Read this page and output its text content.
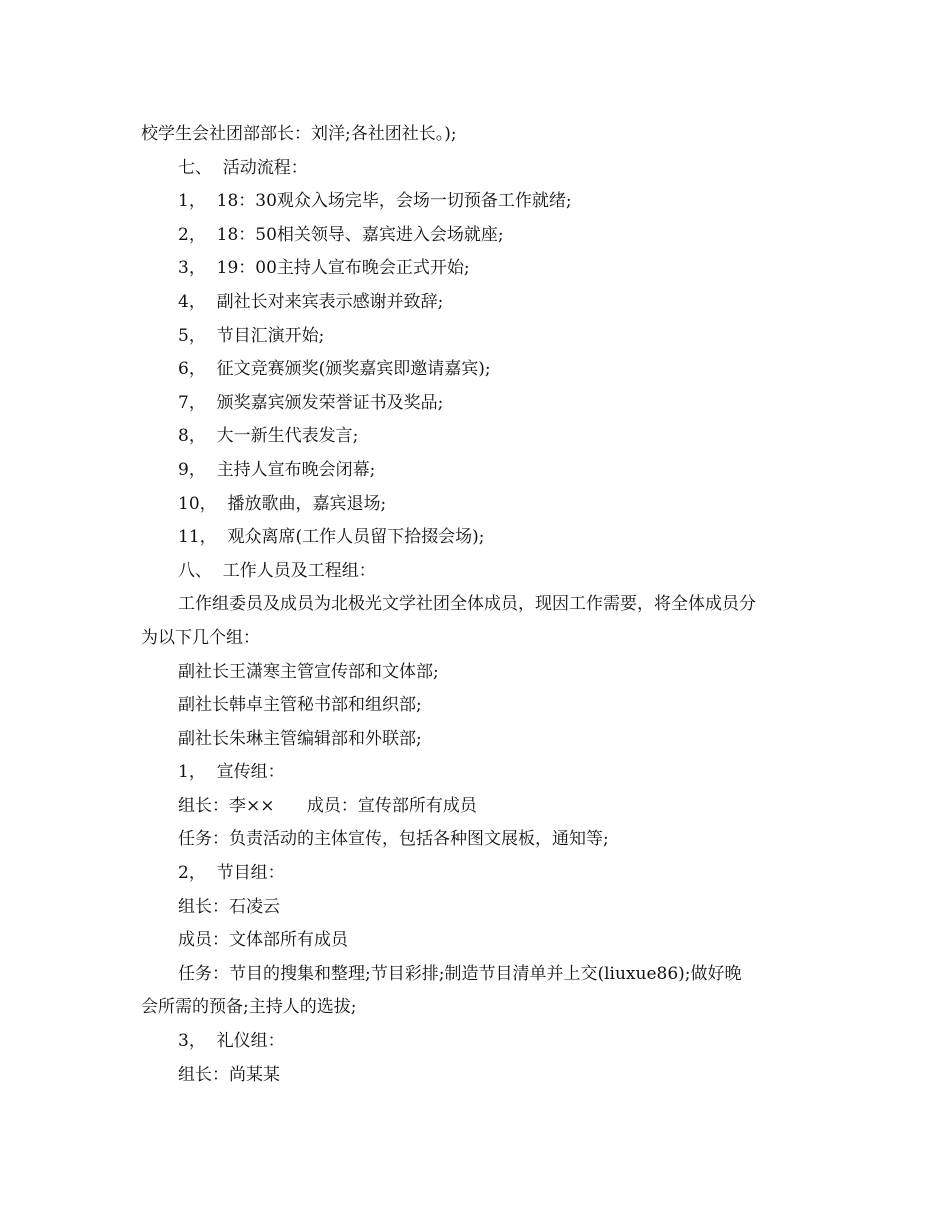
校学生会社团部部长：刘洋;各社团社长。);

七、  活动流程：

1，  18：30观众入场完毕，会场一切预备工作就绪;

2，  18：50相关领导、嘉宾进入会场就座;

3，  19：00主持人宣布晚会正式开始;

4，  副社长对来宾表示感谢并致辞;

5，  节目汇演开始;

6，  征文竞赛颁奖(颁奖嘉宾即邀请嘉宾);

7，  颁奖嘉宾颁发荣誉证书及奖品;

8，  大一新生代表发言;

9，  主持人宣布晚会闭幕;

10，  播放歌曲，嘉宾退场;

11，  观众离席(工作人员留下拾掇会场);

八、  工作人员及工程组：

工作组委员及成员为北极光文学社团全体成员，现因工作需要，将全体成员分

为以下几个组：

副社长王潇寒主管宣传部和文体部;

副社长韩卓主管秘书部和组织部;

副社长朱琳主管编辑部和外联部;

1，  宣传组：

组长：李××      成员：宣传部所有成员

任务：负责活动的主体宣传，包括各种图文展板，通知等;

2，  节目组：

组长：石凌云

成员：文体部所有成员

任务：节目的搜集和整理;节目彩排;制造节目清单并上交(liuxue86);做好晚

会所需的预备;主持人的选拔;

3，  礼仪组：

组长：尚某某
